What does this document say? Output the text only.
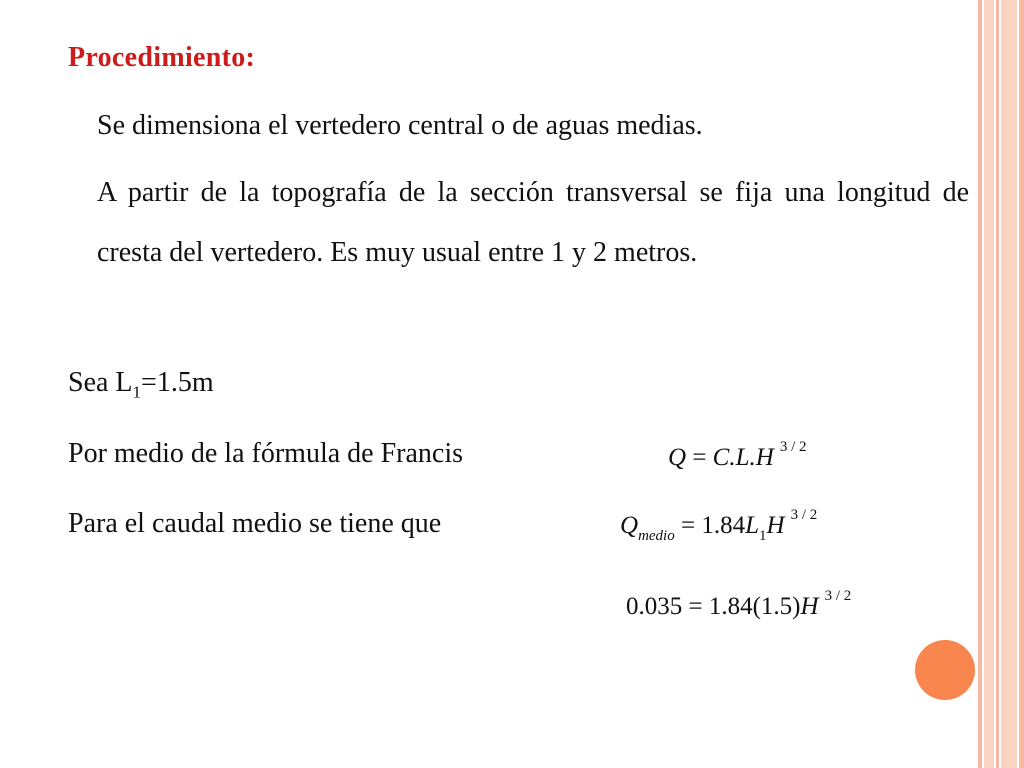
Procedimiento:
Se dimensiona el vertedero central o de aguas medias.
A partir de la topografía de la sección transversal se fija una longitud de cresta del vertedero. Es muy usual entre 1 y 2 metros.
Sea $L_1=1.5m$
Por medio de la fórmula de Francis	Q = C.L.H $^{3 / 2}$
Para el caudal medio se tiene que	$Q_{medio} = 1.84L_1H$ $^{3 / 2}$
0.035 = 1.84(1.5)H $^{3 / 2}$
